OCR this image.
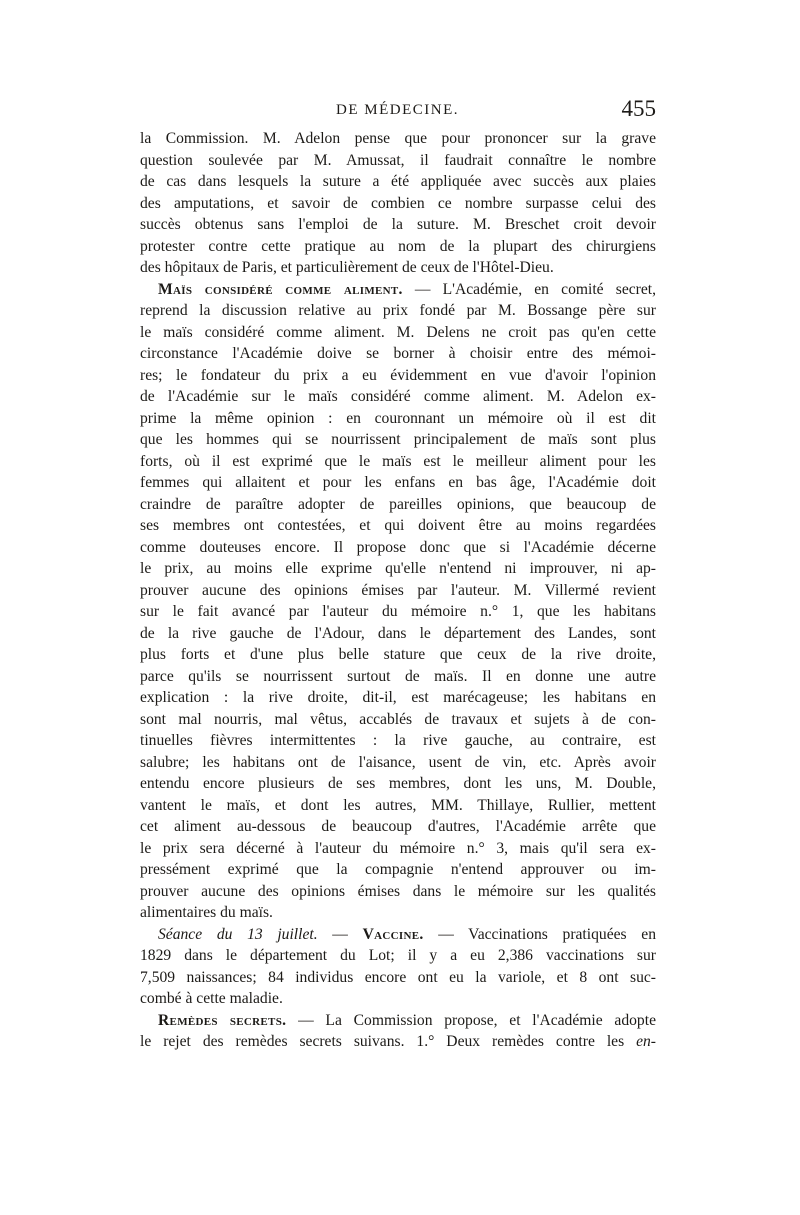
DE MÉDECINE.	455
la Commission. M. Adelon pense que pour prononcer sur la grave
question soulevée par M. Amussat, il faudrait connaître le nombre
de cas dans lesquels la suture a été appliquée avec succès aux plaies
des amputations, et savoir de combien ce nombre surpasse celui des
succès obtenus sans l'emploi de la suture. M. Breschet croit devoir
protester contre cette pratique au nom de la plupart des chirurgiens
des hôpitaux de Paris, et particulièrement de ceux de l'Hôtel-Dieu.
Maïs considéré comme aliment. — L'Académie, en comité secret,
reprend la discussion relative au prix fondé par M. Bossange père sur
le maïs considéré comme aliment. M. Delens ne croit pas qu'en cette
circonstance l'Académie doive se borner à choisir entre des mémoi-
res; le fondateur du prix a eu évidemment en vue d'avoir l'opinion
de l'Académie sur le maïs considéré comme aliment. M. Adelon ex-
prime la même opinion : en couronnant un mémoire où il est dit
que les hommes qui se nourrissent principalement de maïs sont plus
forts, où il est exprimé que le maïs est le meilleur aliment pour les
femmes qui allaitent et pour les enfans en bas âge, l'Académie doit
craindre de paraître adopter de pareilles opinions, que beaucoup de
ses membres ont contestées, et qui doivent être au moins regardées
comme douteuses encore. Il propose donc que si l'Académie décerne
le prix, au moins elle exprime qu'elle n'entend ni improuver, ni ap-
prouver aucune des opinions émises par l'auteur. M. Villermé revient
sur le fait avancé par l'auteur du mémoire n.° 1, que les habitans
de la rive gauche de l'Adour, dans le département des Landes, sont
plus forts et d'une plus belle stature que ceux de la rive droite,
parce qu'ils se nourrissent surtout de maïs. Il en donne une autre
explication : la rive droite, dit-il, est marécageuse; les habitans en
sont mal nourris, mal vêtus, accablés de travaux et sujets à de con-
tinuelles fièvres intermittentes : la rive gauche, au contraire, est
salubre; les habitans ont de l'aisance, usent de vin, etc. Après avoir
entendu encore plusieurs de ses membres, dont les uns, M. Double,
vantent le maïs, et dont les autres, MM. Thillaye, Rullier, mettent
cet aliment au-dessous de beaucoup d'autres, l'Académie arrête que
le prix sera décerné à l'auteur du mémoire n.° 3, mais qu'il sera ex-
pressément exprimé que la compagnie n'entend approuver ou im-
prouver aucune des opinions émises dans le mémoire sur les qualités
alimentaires du maïs.
Séance du 13 juillet. — Vaccine. — Vaccinations pratiquées en
1829 dans le département du Lot; il y a eu 2,386 vaccinations sur
7,509 naissances; 84 individus encore ont eu la variole, et 8 ont suc-
combé à cette maladie.
Remèdes secrets. — La Commission propose, et l'Académie adopte
le rejet des remèdes secrets suivans. 1.° Deux remèdes contre les en-
